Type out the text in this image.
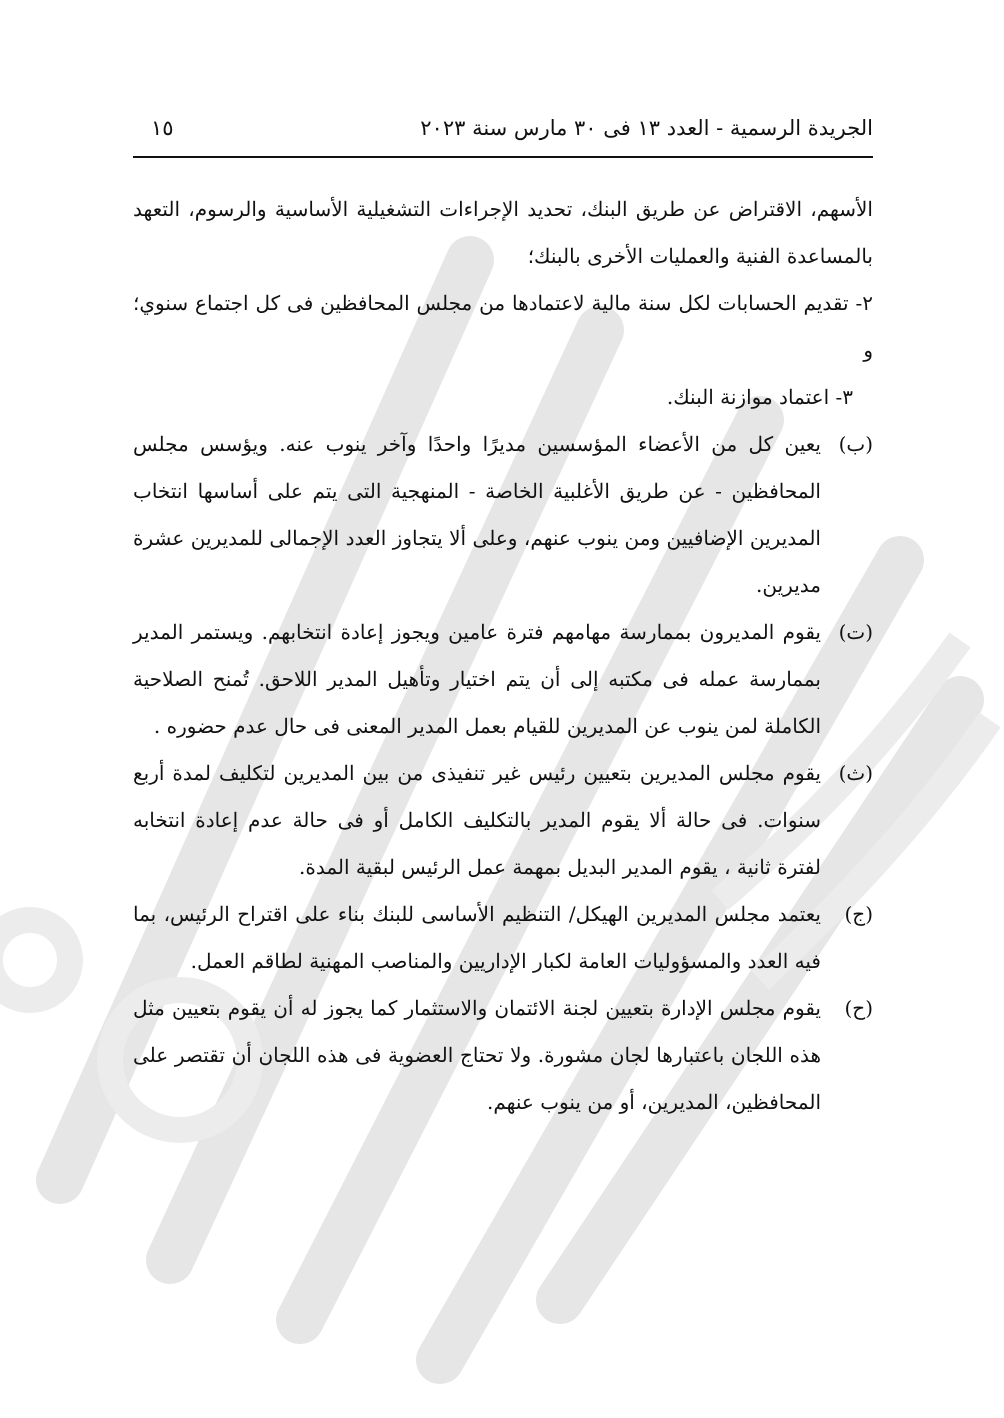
الجريدة الرسمية - العدد ١٣ فى ٣٠ مارس سنة ٢٠٢٣
١٥

الأسهم، الاقتراض عن طريق البنك، تحديد الإجراءات التشغيلية الأساسية والرسوم، التعهد بالمساعدة الفنية والعمليات الأخرى بالبنك؛

٢- تقديم الحسابات لكل سنة مالية لاعتمادها من مجلس المحافظين فى كل اجتماع سنوي؛ و

٣- اعتماد موازنة البنك.

(ب)
يعين كل من الأعضاء المؤسسين مديرًا واحدًا وآخر ينوب عنه. ويؤسس مجلس المحافظين - عن طريق الأغلبية الخاصة - المنهجية التى يتم على أساسها انتخاب المديرين الإضافيين ومن ينوب عنهم، وعلى ألا يتجاوز العدد الإجمالى للمديرين عشرة مديرين.
(ت)
يقوم المديرون بممارسة مهامهم فترة عامين ويجوز إعادة انتخابهم. ويستمر المدير بممارسة عمله فى مكتبه إلى أن يتم اختيار وتأهيل المدير اللاحق. تُمنح الصلاحية الكاملة لمن ينوب عن المديرين للقيام بعمل المدير المعنى فى حال عدم حضوره .
(ث)
يقوم مجلس المديرين بتعيين رئيس غير تنفيذى من بين المديرين لتكليف لمدة أربع سنوات. فى حالة ألا يقوم المدير بالتكليف الكامل أو فى حالة عدم إعادة انتخابه لفترة ثانية ، يقوم المدير البديل بمهمة عمل الرئيس لبقية المدة.
(ج)
يعتمد مجلس المديرين الهيكل/ التنظيم الأساسى للبنك بناء على اقتراح الرئيس، بما فيه العدد والمسؤوليات العامة لكبار الإداريين والمناصب المهنية لطاقم العمل.
(ح)
يقوم مجلس الإدارة بتعيين لجنة الائتمان والاستثمار كما يجوز له أن يقوم بتعيين مثل هذه اللجان باعتبارها لجان مشورة. ولا تحتاج العضوية فى هذه اللجان أن تقتصر على المحافظين، المديرين، أو من ينوب عنهم.
